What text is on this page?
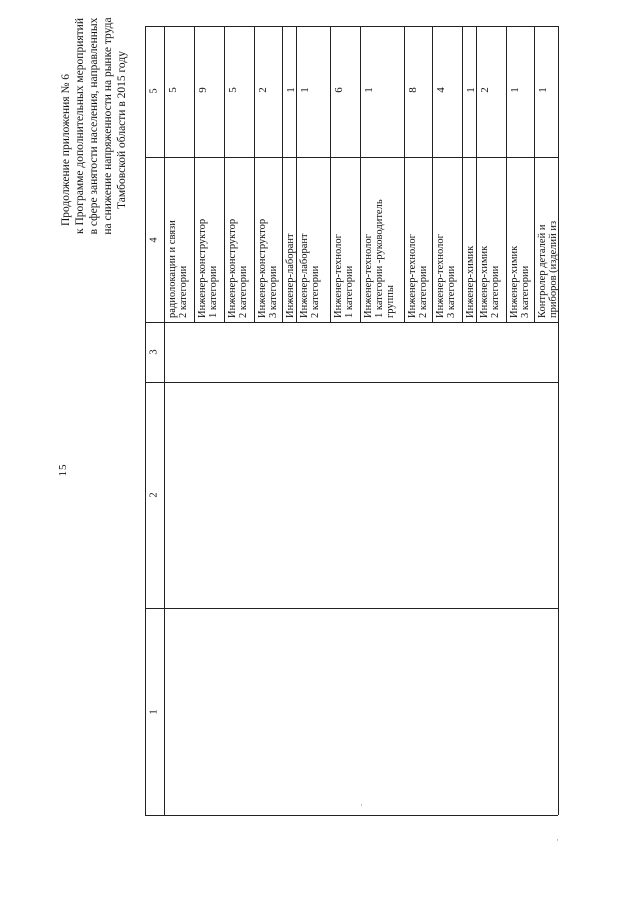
15
Продолжение приложения № 6 к Программе дополнительных мероприятий в сфере занятости населения, направленных на снижение напряженности на рынке труда Тамбовской области в 2015 году
1
2
3
4
5
радиолокации и связи 2 категории
5
Инженер-конструктор 1 категории
9
Инженер-конструктор 2 категории
5
Инженер-конструктор 3 категории
2
Инженер-лаборант
1
Инженер-лаборант 2 категории
1
Инженер-технолог 1 категории
6
Инженер-технолог 1 категории -руководитель группы
1
Инженер-технолог 2 категории
8
Инженер-технолог 3 категории
4
Инженер-химик
1
Инженер-химик 2 категории
2
Инженер-химик 3 категории
1
Контролер деталей и приборов (изделий из
1
·
·
